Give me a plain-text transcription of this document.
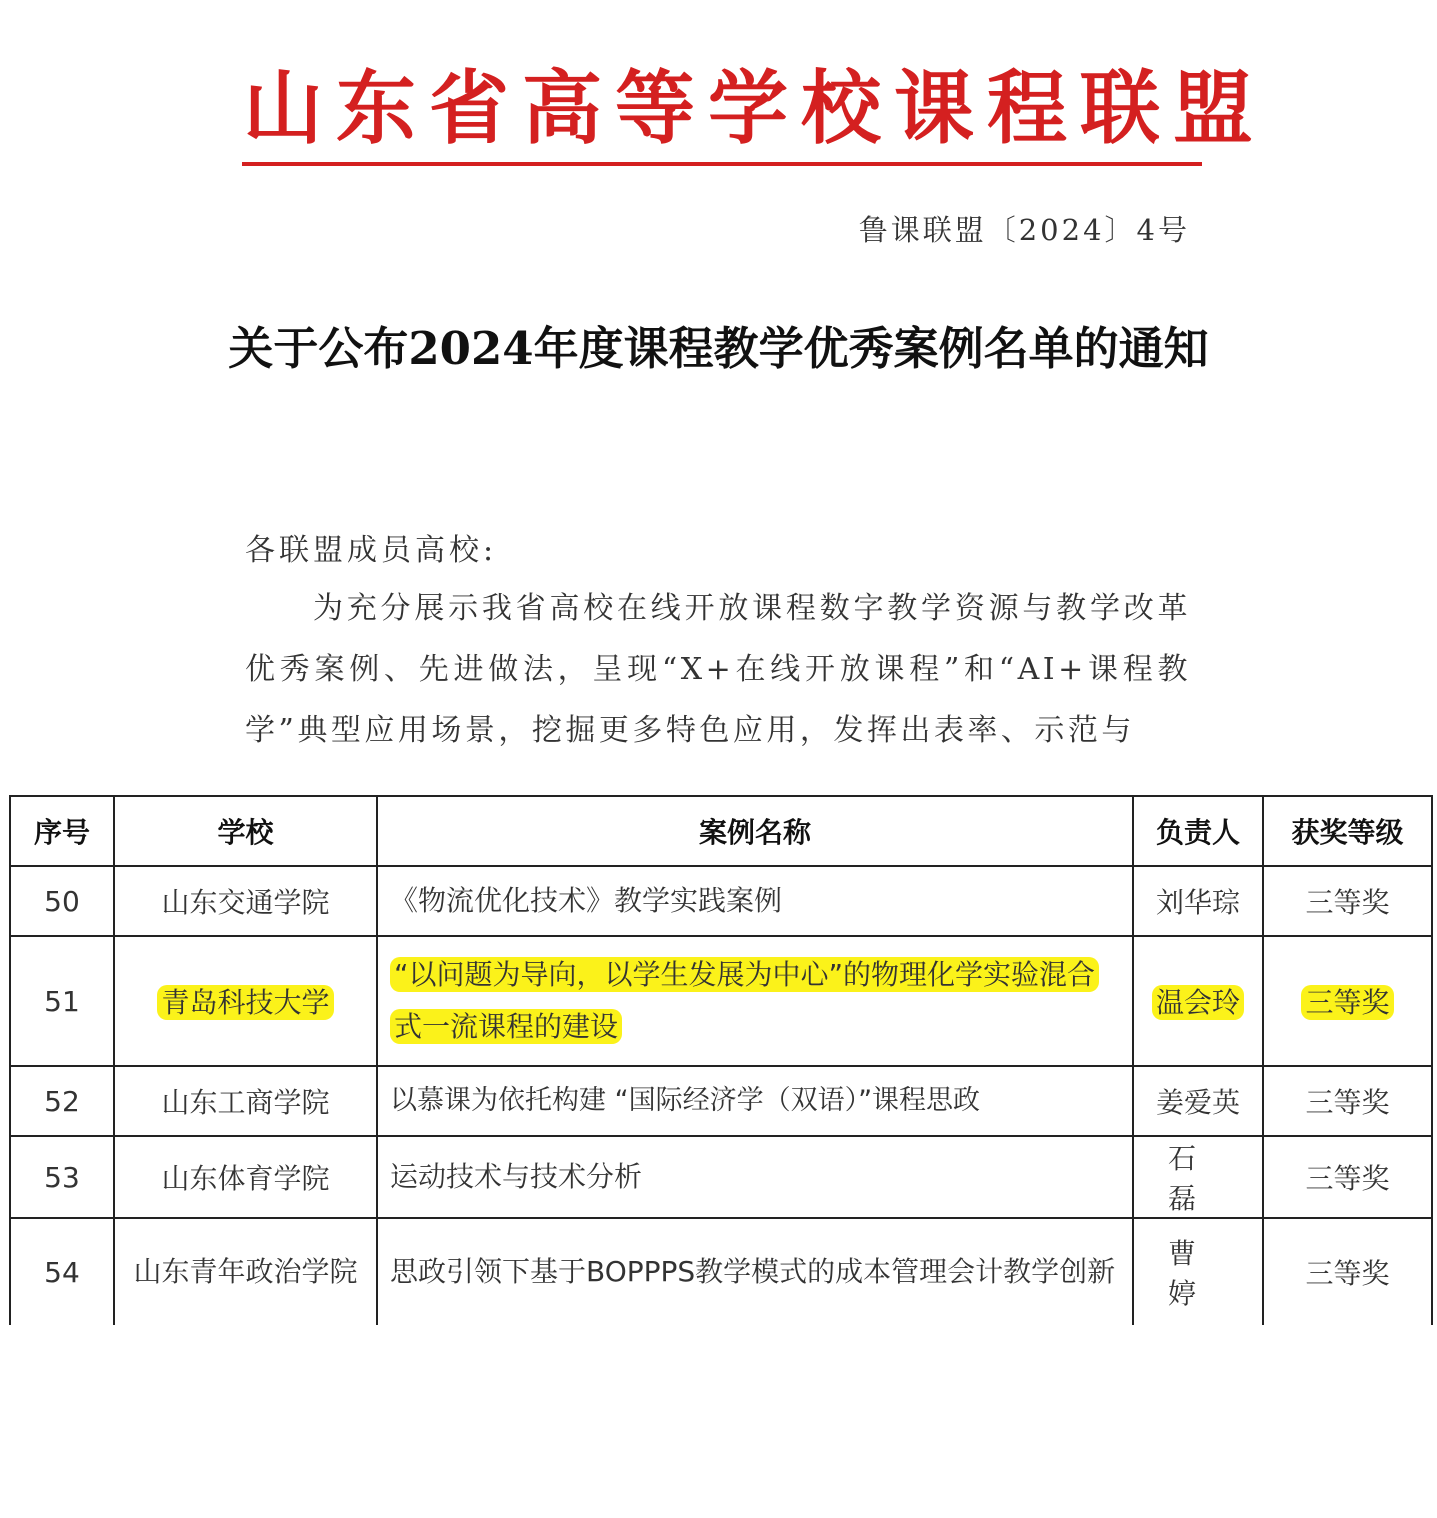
山东省高等学校课程联盟
鲁课联盟〔2024〕4号
关于公布2024年度课程教学优秀案例名单的通知
各联盟成员高校:
为充分展示我省高校在线开放课程数字教学资源与教学改革优秀案例、先进做法，呈现“X+在线开放课程”和“AI+课程教学”典型应用场景，挖掘更多特色应用，发挥出表率、示范与
序号	学校	案例名称	负责人	获奖等级
50	山东交通学院	《物流优化技术》教学实践案例	刘华琮	三等奖
51	青岛科技大学	“以问题为导向，以学生发展为中心”的物理化学实验混合式一流课程的建设	温会玲	三等奖
52	山东工商学院	以慕课为依托构建 “国际经济学（双语）”课程思政	姜爱英	三等奖
53	山东体育学院	运动技术与技术分析	石磊	三等奖
54	山东青年政治学院	思政引领下基于BOPPPS教学模式的成本管理会计教学创新	曹婷	三等奖
